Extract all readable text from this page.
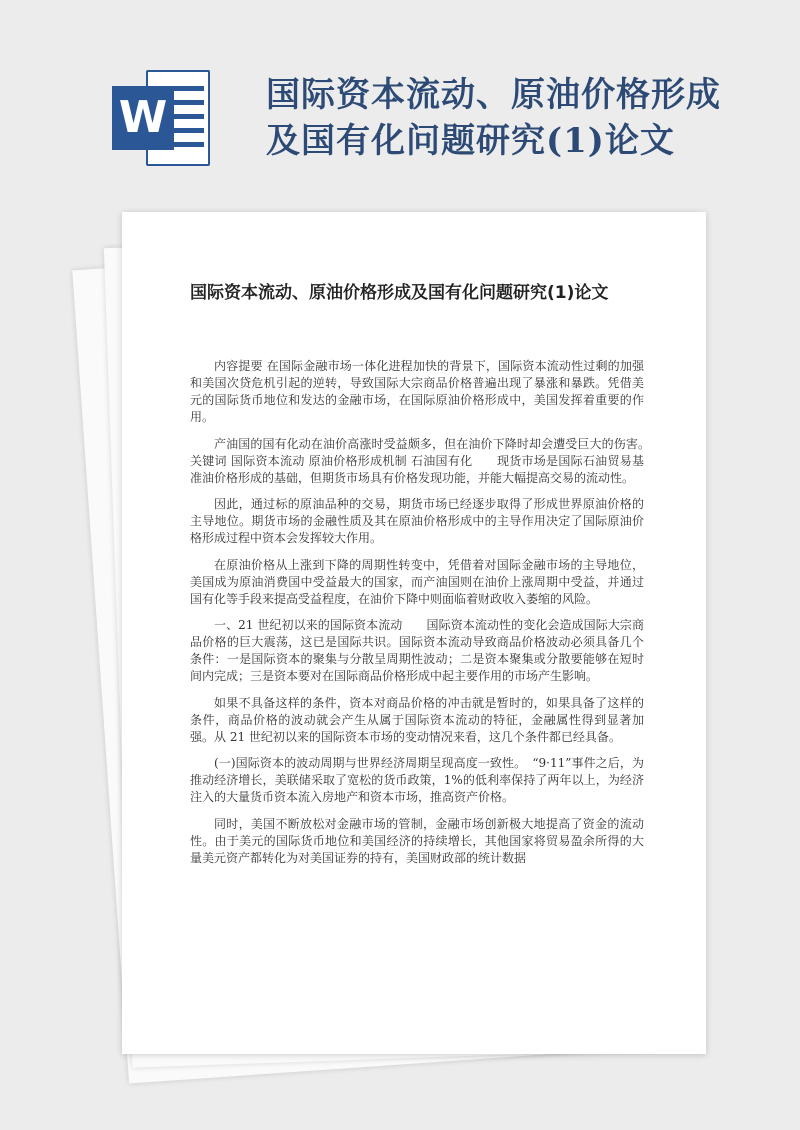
W	国际资本流动、原油价格形成及国有化问题研究(1)论文
国际资本流动、原油价格形成及国有化问题研究(1)论文

内容提要 在国际金融市场一体化进程加快的背景下，国际资本流动性过剩的加强和美国次贷危机引起的逆转，导致国际大宗商品价格普遍出现了暴涨和暴跌。凭借美元的国际货币地位和发达的金融市场，在国际原油价格形成中，美国发挥着重要的作用。

产油国的国有化动在油价高涨时受益颇多，但在油价下降时却会遭受巨大的伤害。　关键词 国际资本流动 原油价格形成机制 石油国有化　　现货市场是国际石油贸易基准油价格形成的基础，但期货市场具有价格发现功能，并能大幅提高交易的流动性。

因此，通过标的原油品种的交易，期货市场已经逐步取得了形成世界原油价格的主导地位。期货市场的金融性质及其在原油价格形成中的主导作用决定了国际原油价格形成过程中资本会发挥较大作用。

在原油价格从上涨到下降的周期性转变中，凭借着对国际金融市场的主导地位，美国成为原油消费国中受益最大的国家，而产油国则在油价上涨周期中受益，并通过国有化等手段来提高受益程度，在油价下降中则面临着财政收入萎缩的风险。

一、21 世纪初以来的国际资本流动　　国际资本流动性的变化会造成国际大宗商品价格的巨大震荡，这已是国际共识。国际资本流动导致商品价格波动必须具备几个条件：一是国际资本的聚集与分散呈周期性波动；二是资本聚集或分散要能够在短时间内完成；三是资本要对在国际商品价格形成中起主要作用的市场产生影响。

如果不具备这样的条件，资本对商品价格的冲击就是暂时的，如果具备了这样的条件，商品价格的波动就会产生从属于国际资本流动的特征，金融属性得到显著加强。从 21 世纪初以来的国际资本市场的变动情况来看，这几个条件都已经具备。

(一)国际资本的波动周期与世界经济周期呈现高度一致性。　“9·11”事件之后，为推动经济增长，美联储采取了宽松的货币政策，1%的低利率保持了两年以上，为经济注入的大量货币资本流入房地产和资本市场，推高资产价格。

同时，美国不断放松对金融市场的管制，金融市场创新极大地提高了资金的流动性。由于美元的国际货币地位和美国经济的持续增长，其他国家将贸易盈余所得的大量美元资产都转化为对美国证券的持有，美国财政部的统计数据
